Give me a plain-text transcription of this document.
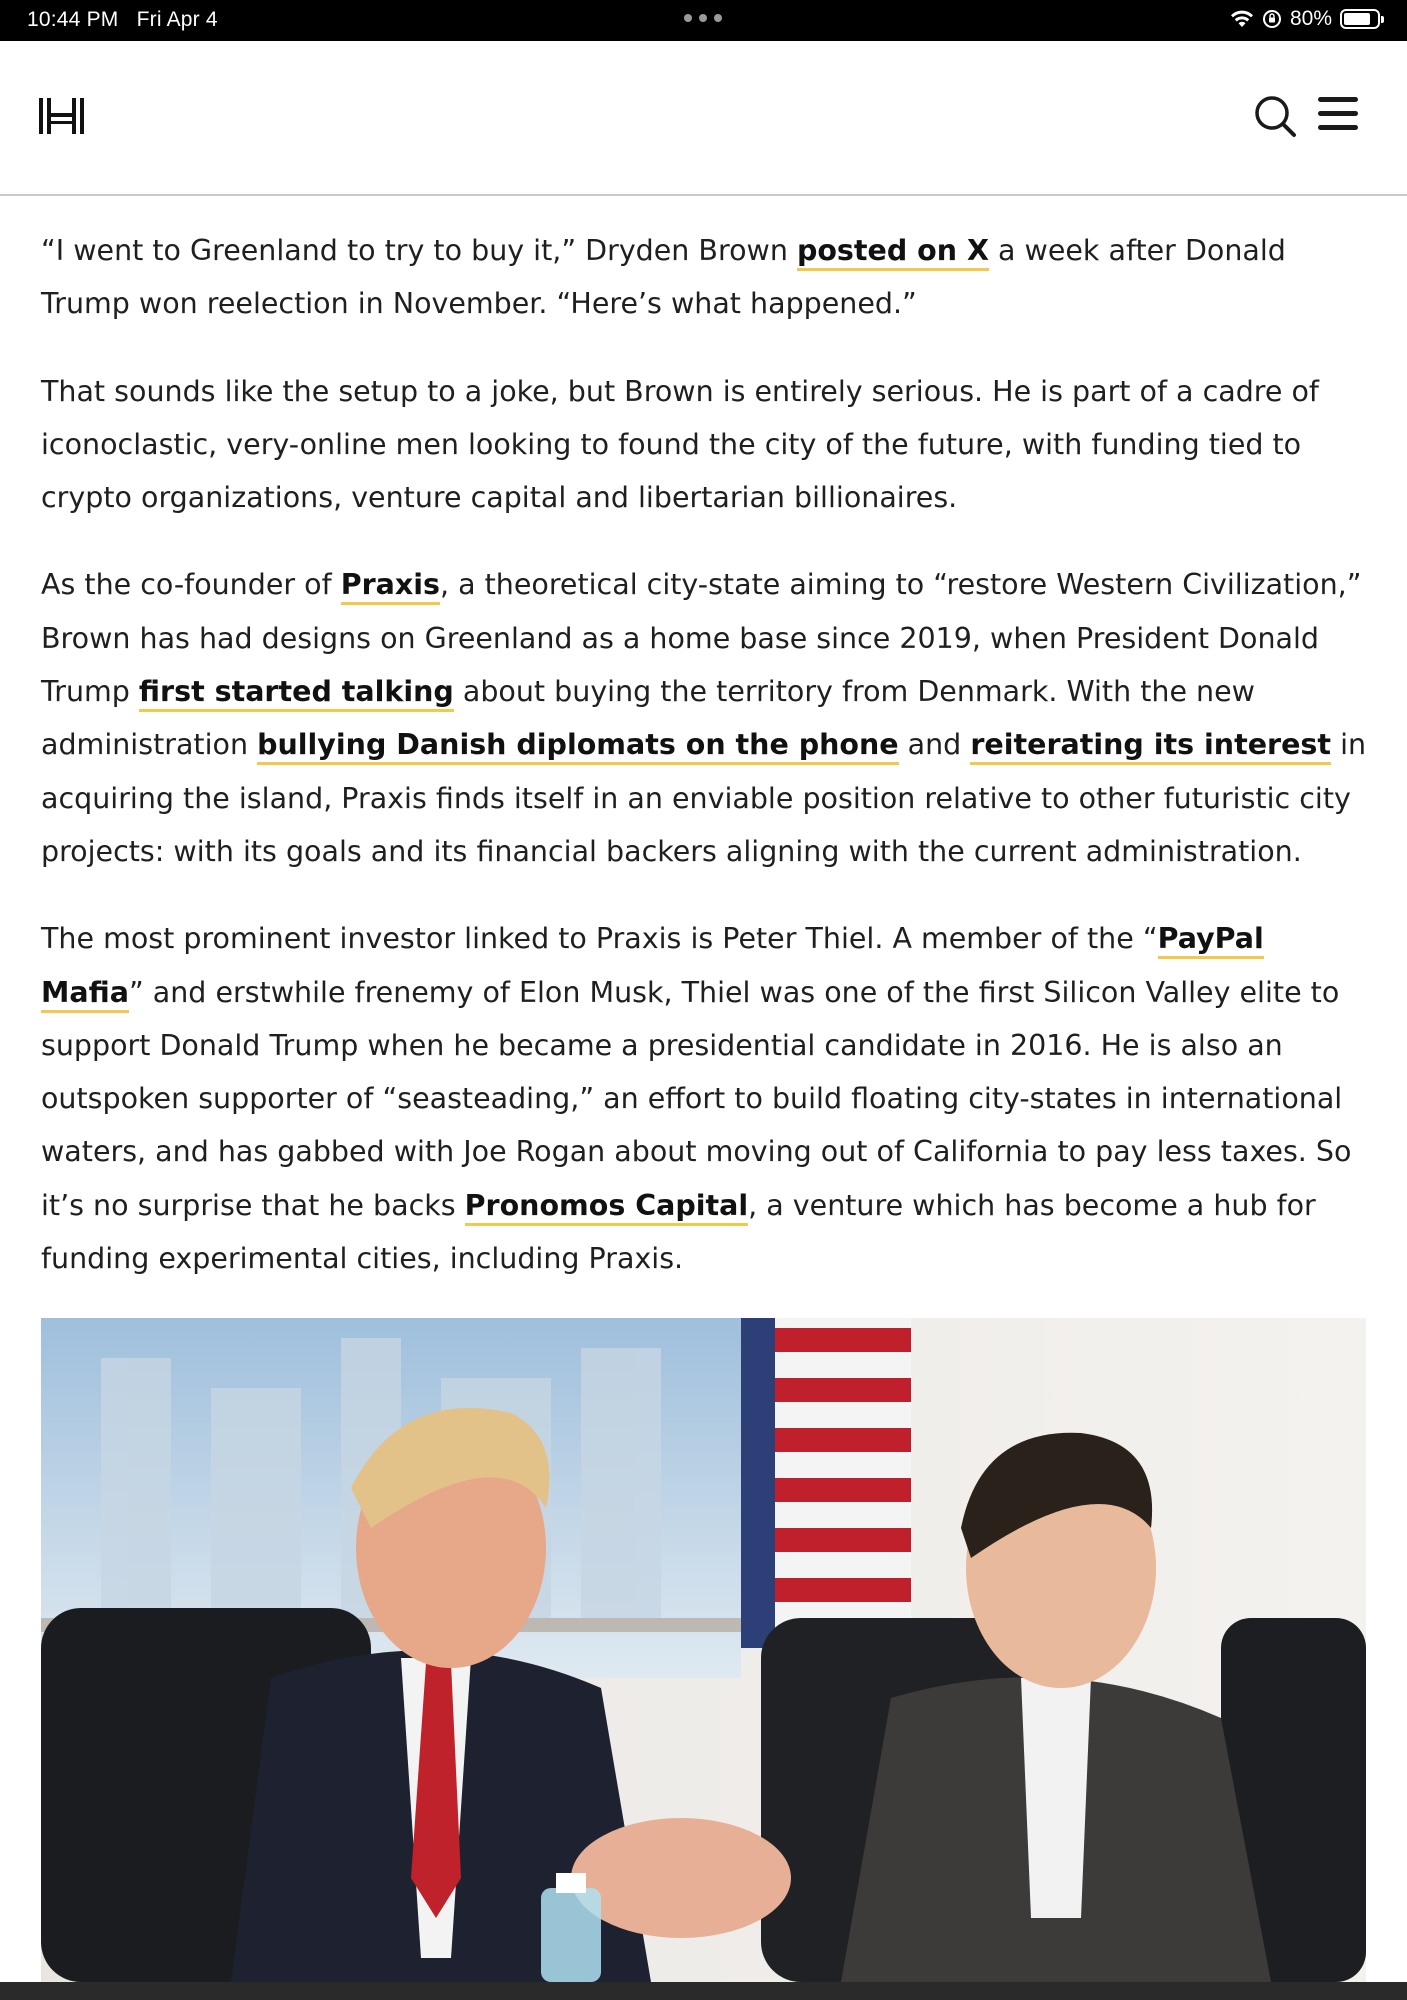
10:44 PM Fri Apr 4	80%

“I went to Greenland to try to buy it,” Dryden Brown posted on X a week after Donald Trump won reelection in November. “Here’s what happened.”

That sounds like the setup to a joke, but Brown is entirely serious. He is part of a cadre of iconoclastic, very-online men looking to found the city of the future, with funding tied to crypto organizations, venture capital and libertarian billionaires.

As the co-founder of Praxis, a theoretical city-state aiming to “restore Western Civilization,” Brown has had designs on Greenland as a home base since 2019, when President Donald Trump first started talking about buying the territory from Denmark. With the new administration bullying Danish diplomats on the phone and reiterating its interest in acquiring the island, Praxis finds itself in an enviable position relative to other futuristic city projects: with its goals and its financial backers aligning with the current administration.

The most prominent investor linked to Praxis is Peter Thiel. A member of the “PayPal Mafia” and erstwhile frenemy of Elon Musk, Thiel was one of the first Silicon Valley elite to support Donald Trump when he became a presidential candidate in 2016. He is also an outspoken supporter of “seasteading,” an effort to build floating city-states in international waters, and has gabbed with Joe Rogan about moving out of California to pay less taxes. So it’s no surprise that he backs Pronomos Capital, a venture which has become a hub for funding experimental cities, including Praxis.
